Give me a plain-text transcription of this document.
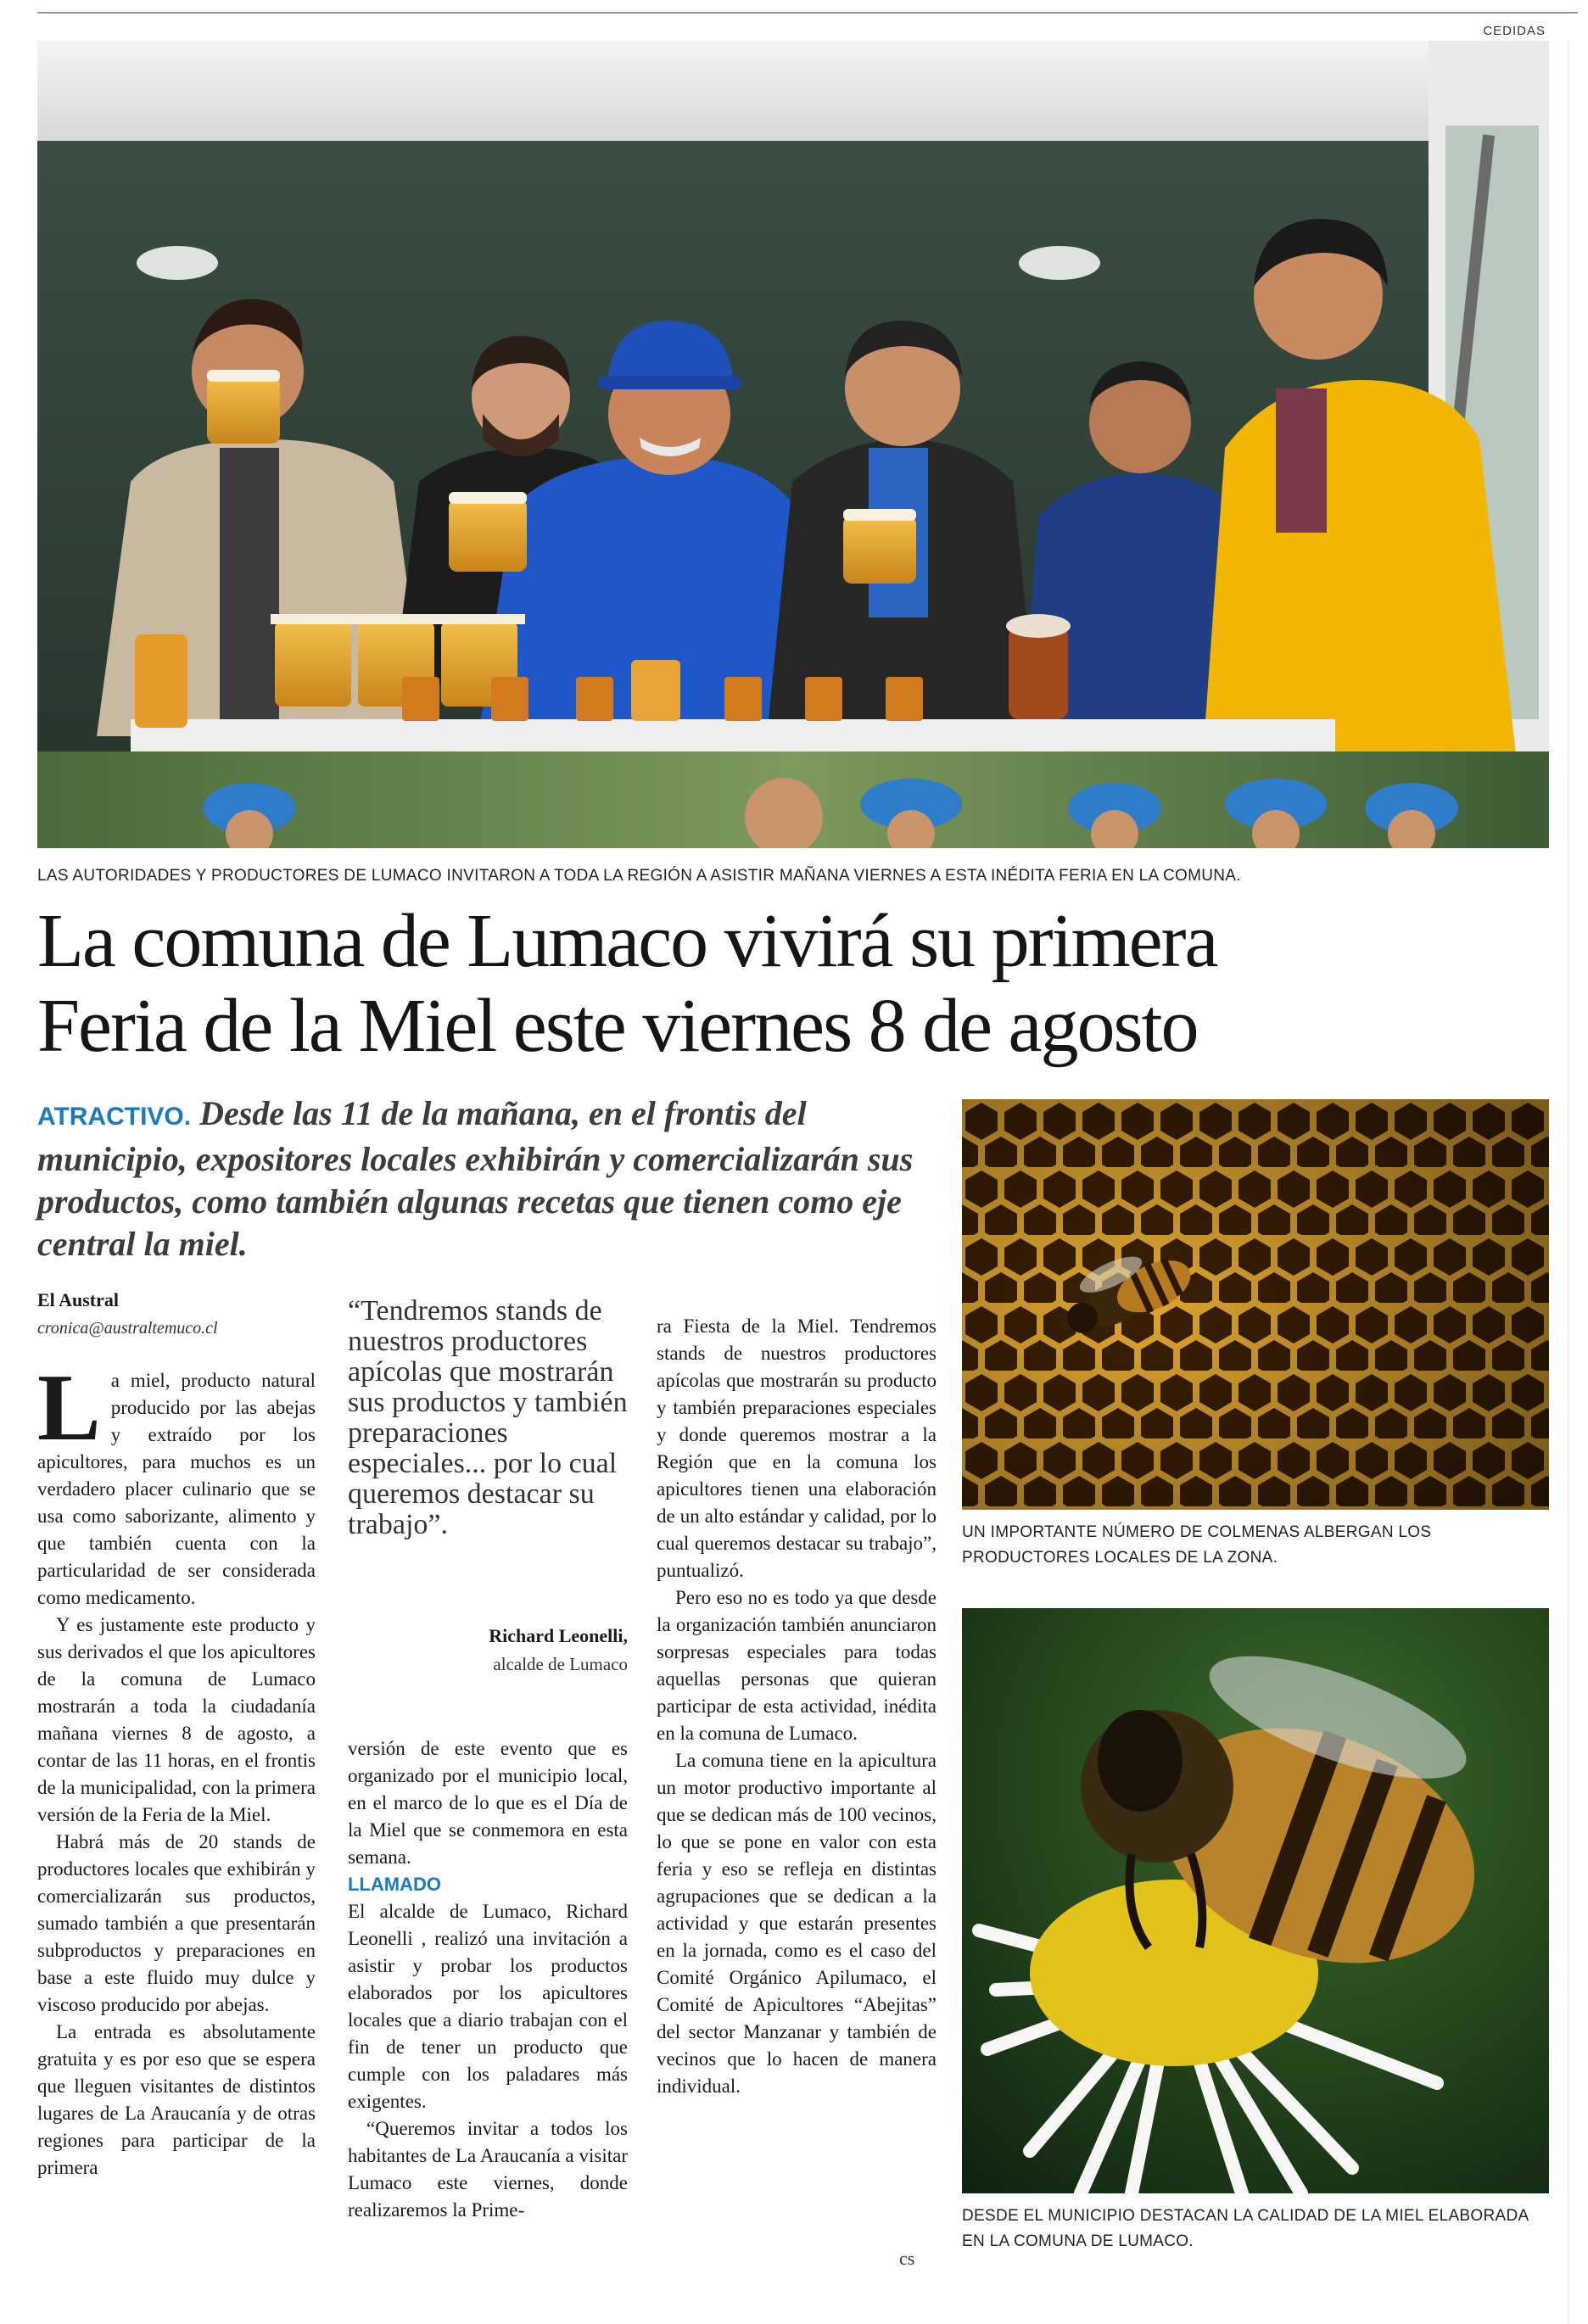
CEDIDAS
LAS AUTORIDADES Y PRODUCTORES DE LUMACO INVITARON A TODA LA REGIÓN A ASISTIR MAÑANA VIERNES A ESTA INÉDITA FERIA EN LA COMUNA.
La comuna de Lumaco vivirá su primera
Feria de la Miel este viernes 8 de agosto
ATRACTIVO. Desde las 11 de la mañana, en el frontis del municipio, expositores locales exhibirán y comercializarán sus productos, como también algunas recetas que tienen como eje central la miel.
El Austral
cronica@australtemuco.cl

La miel, producto natural producido por las abejas y extraído por los apicultores, para muchos es un verdadero placer culinario que se usa como saborizante, alimento y que también cuenta con la particularidad de ser considerada como medicamento.

Y es justamente este producto y sus derivados el que los apicultores de la comuna de Lumaco mostrarán a toda la ciudadanía mañana viernes 8 de agosto, a contar de las 11 horas, en el frontis de la municipalidad, con la primera versión de la Feria de la Miel.

Habrá más de 20 stands de productores locales que exhibirán y comercializarán sus productos, sumado también a que presentarán subproductos y preparaciones en base a este fluido muy dulce y viscoso producido por abejas.

La entrada es absolutamente gratuita y es por eso que se espera que lleguen visitantes de distintos lugares de La Araucanía y de otras regiones para participar de la primera

“Tendremos stands de nuestros productores apícolas que mostrarán sus productos y también preparaciones especiales... por lo cual queremos destacar su trabajo”.
Richard Leonelli,
alcalde de Lumaco

versión de este evento que es organizado por el municipio local, en el marco de lo que es el Día de la Miel que se conmemora en esta semana.

LLAMADO

El alcalde de Lumaco, Richard Leonelli , realizó una invitación a asistir y probar los productos elaborados por los apicultores locales que a diario trabajan con el fin de tener un producto que cumple con los paladares más exigentes.

“Queremos invitar a todos los habitantes de La Araucanía a visitar Lumaco este viernes, donde realizaremos la Prime-

ra Fiesta de la Miel. Tendremos stands de nuestros productores apícolas que mostrarán su producto y también preparaciones especiales y donde queremos mostrar a la Región que en la comuna los apicultores tienen una elaboración de un alto estándar y calidad, por lo cual queremos destacar su trabajo”, puntualizó.

Pero eso no es todo ya que desde la organización también anunciaron sorpresas especiales para todas aquellas personas que quieran participar de esta actividad, inédita en la comuna de Lumaco.

La comuna tiene en la apicultura un motor productivo importante al que se dedican más de 100 vecinos, lo que se pone en valor con esta feria y eso se refleja en distintas agrupaciones que se dedican a la actividad y que estarán presentes en la jornada, como es el caso del Comité Orgánico Apilumaco, el Comité de Apicultores “Abejitas” del sector Manzanar y también de vecinos que lo hacen de manera individual.

cs
UN IMPORTANTE NÚMERO DE COLMENAS ALBERGAN LOS PRODUCTORES LOCALES DE LA ZONA.
DESDE EL MUNICIPIO DESTACAN LA CALIDAD DE LA MIEL ELABORADA EN LA COMUNA DE LUMACO.
